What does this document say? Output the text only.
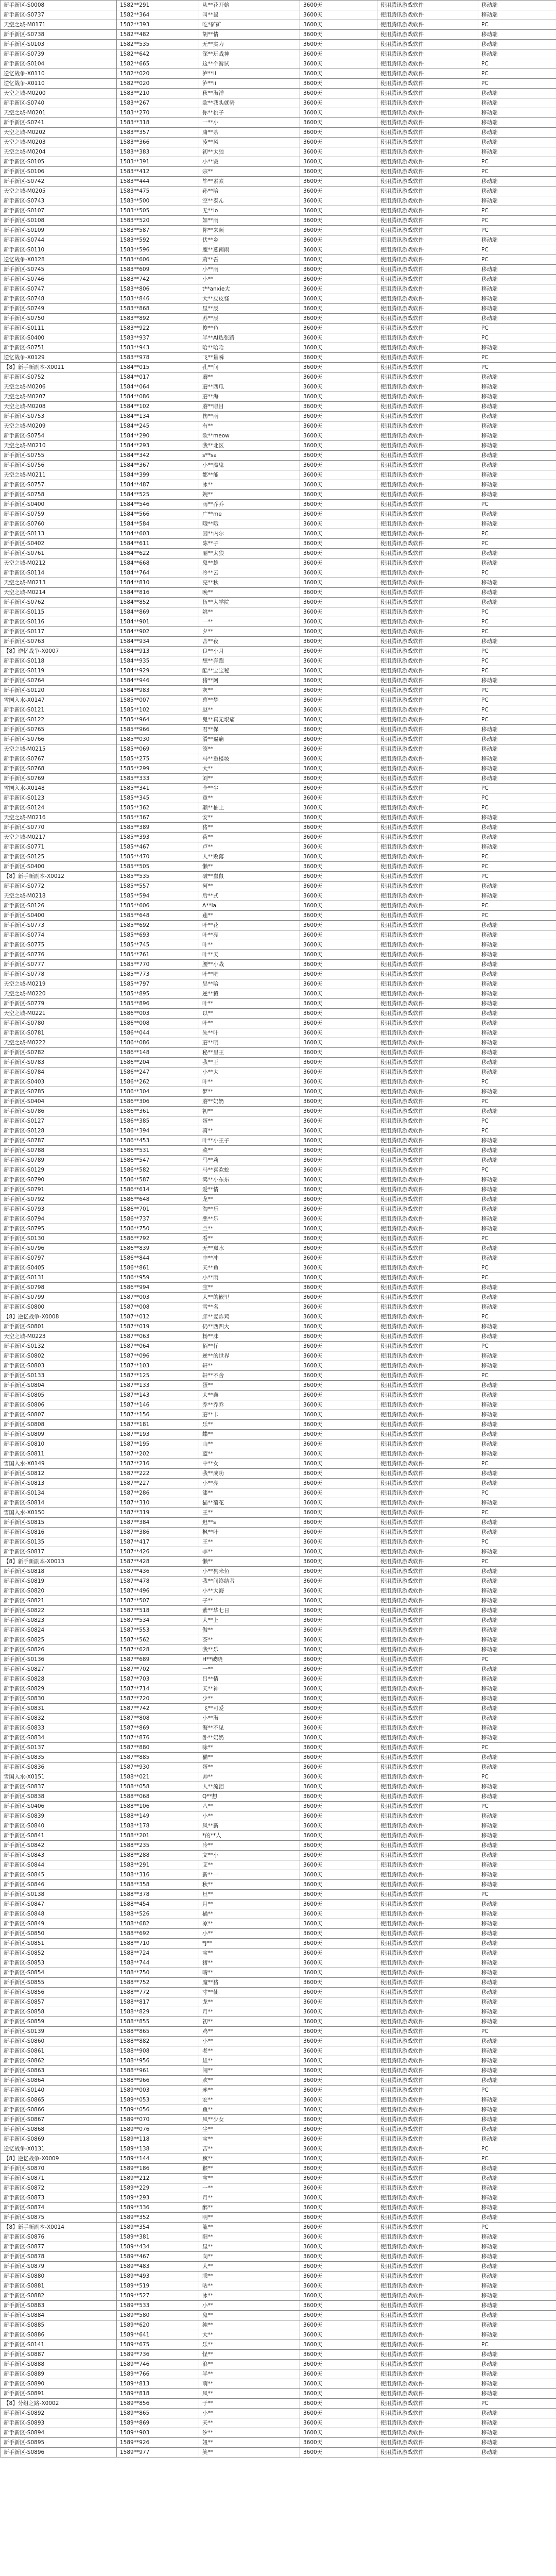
新手新区-S0008	1582**291	从**花开始	3600天	使用腾讯游戏软件	移动端
新手新区-S0737	1582**364	叫**鼠	3600天	使用腾讯游戏软件	移动端
天空之城-M0171	1582**393	吃*矿矿	3600天	使用腾讯游戏软件	PC
新手新区-S0738	1582**482	胡**情	3600天	使用腾讯游戏软件	移动端
新手新区-S0103	1582**535	无**实力	3600天	使用腾讯游戏软件	移动端
新手新区-S0739	1582**642	深**玩战神	3600天	使用腾讯游戏软件	移动端
新手新区-S0104	1582**665	这**个游试	3600天	使用腾讯游戏软件	PC
逆忆战争-X0110	1582**020	泸**ii	3600天	使用腾讯游戏软件	PC
逆忆战争-X0110	1582**020	泸**ii	3600天	使用腾讯游戏软件	PC
天空之城-M0200	1583**210	秋**海洋	3600天	使用腾讯游戏软件	移动端
新手新区-S0740	1583**267	欧**我头就骑	3600天	使用腾讯游戏软件	移动端
天空之城-M0201	1583**270	你**桃子	3600天	使用腾讯游戏软件	移动端
新手新区-S0741	1583**318	一**小	3600天	使用腾讯游戏软件	移动端
天空之城-M0202	1583**357	庸**茶	3600天	使用腾讯游戏软件	移动端
天空之城-M0203	1583**366	凌**风	3600天	使用腾讯游戏软件	移动端
天空之城-M0204	1583**383	初**太狼	3600天	使用腾讯游戏软件	移动端
新手新区-S0105	1583**391	小**饭	3600天	使用腾讯游戏软件	PC
新手新区-S0106	1583**412	宗**	3600天	使用腾讯游戏软件	PC
新手新区-S0742	1583**444	毕**素素	3600天	使用腾讯游戏软件	移动端
天空之城-M0205	1583**475	孙**哈	3600天	使用腾讯游戏软件	移动端
新手新区-S0743	1583**500	空**泰ん	3600天	使用腾讯游戏软件	移动端
新手新区-S0107	1583**505	无**lo	3600天	使用腾讯游戏软件	PC
新手新区-S0108	1583**520	如**雨	3600天	使用腾讯游戏软件	PC
新手新区-S0109	1583**587	你**来顾	3600天	使用腾讯游戏软件	PC
新手新区-S0744	1583**592	伏**乡	3600天	使用腾讯游戏软件	移动端
新手新区-S0110	1583**596	鹿**燕南雨	3600天	使用腾讯游戏软件	PC
逆忆战争-X0128	1583**606	蔚**吾	3600天	使用腾讯游戏软件	PC
新手新区-S0745	1583**609	小**雨	3600天	使用腾讯游戏软件	移动端
新手新区-S0746	1583**742	小**	3600天	使用腾讯游戏软件	移动端
新手新区-S0747	1583**806	t**anxie大	3600天	使用腾讯游戏软件	移动端
新手新区-S0748	1583**846	大**皮皮怪	3600天	使用腾讯游戏软件	移动端
新手新区-S0749	1583**868	星**辰	3600天	使用腾讯游戏软件	移动端
新手新区-S0750	1583**892	苏**辰	3600天	使用腾讯游戏软件	移动端
新手新区-S0111	1583**922	俊**鱼	3600天	使用腾讯游戏软件	PC
新手新区-S0400	1583**937	半**AI选张路	3600天	使用腾讯游戏软件	PC
新手新区-S0751	1583**943	哈**哈哈	3600天	使用腾讯游戏软件	移动端
逆忆战争-X0129	1583**978	飞**量瞬	3600天	使用腾讯游戏软件	PC
【8】新手新副本-X0011	1584**015	孔**问	3600天	使用腾讯游戏软件	PC
新手新区-S0752	1584**017	蘑**	3600天	使用腾讯游戏软件	移动端
天空之城-M0206	1584**064	蘑**西瓜	3600天	使用腾讯游戏软件	移动端
天空之城-M0207	1584**086	蘑**海	3600天	使用腾讯游戏软件	移动端
天空之城-M0208	1584**102	蘑**眼目	3600天	使用腾讯游戏软件	移动端
新手新区-S0753	1584**134	伤**雨	3600天	使用腾讯游戏软件	移动端
天空之城-M0209	1584**245	有**	3600天	使用腾讯游戏软件	移动端
新手新区-S0754	1584**290	欧**meow	3600天	使用腾讯游戏软件	移动端
天空之城-M0210	1584**293	我**北区	3600天	使用腾讯游戏软件	移动端
新手新区-S0755	1584**342	s**sa	3600天	使用腾讯游戏软件	移动端
新手新区-S0756	1584**367	小**魔鬼	3600天	使用腾讯游戏软件	移动端
天空之城-M0211	1584**399	都**能	3600天	使用腾讯游戏软件	移动端
新手新区-S0757	1584**487	冰**	3600天	使用腾讯游戏软件	移动端
新手新区-S0758	1584**525	婉**	3600天	使用腾讯游戏软件	移动端
新手新区-S0400	1584**546	雨**乔乔	3600天	使用腾讯游戏软件	PC
新手新区-S0759	1584**566	广**me	3600天	使用腾讯游戏软件	移动端
新手新区-S0760	1584**584	哦**哦	3600天	使用腾讯游戏软件	移动端
新手新区-S0113	1584**603	因**内尔	3600天	使用腾讯游戏软件	PC
新手新区-S0402	1584**611	陈**子	3600天	使用腾讯游戏软件	PC
新手新区-S0761	1584**622	丽**太狼	3600天	使用腾讯游戏软件	移动端
天空之城-M0212	1584**668	鬼**雄	3600天	使用腾讯游戏软件	移动端
新手新区-S0114	1584**764	冷**云	3600天	使用腾讯游戏软件	PC
天空之城-M0213	1584**810	亮**秋	3600天	使用腾讯游戏软件	移动端
天空之城-M0214	1584**816	晚**	3600天	使用腾讯游戏软件	移动端
新手新区-S0762	1584**852	伍**大学院	3600天	使用腾讯游戏软件	移动端
新手新区-S0115	1584**869	姚**	3600天	使用腾讯游戏软件	PC
新手新区-S0116	1584**901	一**	3600天	使用腾讯游戏软件	PC
新手新区-S0117	1584**902	夕**	3600天	使用腾讯游戏软件	PC
新手新区-S0763	1584**934	菩**夜	3600天	使用腾讯游戏软件	移动端
【8】逆忆战争-X0007	1584**913	良**小月	3600天	使用腾讯游戏软件	PC
新手新区-S0118	1584**935	想**奔跑	3600天	使用腾讯游戏软件	PC
新手新区-S0119	1584**929	酷**宝宝秘	3600天	使用腾讯游戏软件	PC
新手新区-S0764	1584**946	猪**阿	3600天	使用腾讯游戏软件	移动端
新手新区-S0120	1584**983	灰**	3600天	使用腾讯游戏软件	PC
雪国入水-X0147	1585**007	幕**梦	3600天	使用腾讯游戏软件	PC
新手新区-S0121	1585**102	赵**	3600天	使用腾讯游戏软件	PC
新手新区-S0122	1585**964	鬼**真无垠痛	3600天	使用腾讯游戏软件	PC
新手新区-S0765	1585**966	君**保	3600天	使用腾讯游戏软件	移动端
新手新区-S0766	1585**030	滑**逼痛	3600天	使用腾讯游戏软件	移动端
天空之城-M0215	1585**069	滚**	3600天	使用腾讯游戏软件	移动端
新手新区-S0767	1585**275	马**重楼坡	3600天	使用腾讯游戏软件	移动端
新手新区-S0768	1585**299	大**	3600天	使用腾讯游戏软件	移动端
新手新区-S0769	1585**333	刘**	3600天	使用腾讯游戏软件	移动端
雪国入水-X0148	1585**341	全**尘	3600天	使用腾讯游戏软件	PC
新手新区-S0123	1585**345	重**	3600天	使用腾讯游戏软件	PC
新手新区-S0124	1585**362	颠**柚上	3600天	使用腾讯游戏软件	PC
天空之城-M0216	1585**367	安**	3600天	使用腾讯游戏软件	移动端
新手新区-S0770	1585**389	猪**	3600天	使用腾讯游戏软件	移动端
天空之城-M0217	1585**393	荷**	3600天	使用腾讯游戏软件	移动端
新手新区-S0771	1585**467	卢**	3600天	使用腾讯游戏软件	移动端
新手新区-S0125	1585**470	人**败落	3600天	使用腾讯游戏软件	PC
新手新区-S0400	1585**505	懒**	3600天	使用腾讯游戏软件	PC
【8】新手新副本-X0012	1585**535	破**鼠鼠	3600天	使用腾讯游戏软件	PC
新手新区-S0772	1585**557	阿**	3600天	使用腾讯游戏软件	移动端
天空之城-M0218	1585**594	后**式	3600天	使用腾讯游戏软件	移动端
新手新区-S0126	1585**606	A**la	3600天	使用腾讯游戏软件	PC
新手新区-S0400	1585**648	莲**	3600天	使用腾讯游戏软件	PC
新手新区-S0773	1585**692	叶**花	3600天	使用腾讯游戏软件	移动端
新手新区-S0774	1585**693	叶**亮	3600天	使用腾讯游戏软件	移动端
新手新区-S0775	1585**745	叶**	3600天	使用腾讯游戏软件	移动端
新手新区-S0776	1585**761	叶**天	3600天	使用腾讯游戏软件	移动端
新手新区-S0777	1585**770	腰**小战	3600天	使用腾讯游戏软件	移动端
新手新区-S0778	1585**773	叶**吧	3600天	使用腾讯游戏软件	移动端
天空之城-M0219	1585**797	吴**哈	3600天	使用腾讯游戏软件	移动端
天空之城-M0220	1585**895	逆**猿	3600天	使用腾讯游戏软件	移动端
新手新区-S0779	1585**896	叶**	3600天	使用腾讯游戏软件	移动端
天空之城-M0221	1586**003	以**	3600天	使用腾讯游戏软件	移动端
新手新区-S0780	1586**008	叶**	3600天	使用腾讯游戏软件	移动端
新手新区-S0781	1586**044	朱**叶	3600天	使用腾讯游戏软件	移动端
天空之城-M0222	1586**086	蘑**明	3600天	使用腾讯游戏软件	移动端
新手新区-S0782	1586**148	秘**里王	3600天	使用腾讯游戏软件	移动端
新手新区-S0783	1586**204	我**王	3600天	使用腾讯游戏软件	移动端
新手新区-S0784	1586**247	小**大	3600天	使用腾讯游戏软件	移动端
新手新区-S0403	1586**262	叶**	3600天	使用腾讯游戏软件	PC
新手新区-S0785	1586**304	梦**	3600天	使用腾讯游戏软件	移动端
新手新区-S0404	1586**306	蘑**奶奶	3600天	使用腾讯游戏软件	PC
新手新区-S0786	1586**361	初**	3600天	使用腾讯游戏软件	移动端
新手新区-S0127	1586**385	蛋**	3600天	使用腾讯游戏软件	PC
新手新区-S0128	1586**394	骑**	3600天	使用腾讯游戏软件	PC
新手新区-S0787	1586**453	叶**小王子	3600天	使用腾讯游戏软件	移动端
新手新区-S0788	1586**531	菜**	3600天	使用腾讯游戏软件	移动端
新手新区-S0789	1586**547	马**莉	3600天	使用腾讯游戏软件	移动端
新手新区-S0129	1586**582	马**喜欢蛇	3600天	使用腾讯游戏软件	PC
新手新区-S0790	1586**587	鸿**小东东	3600天	使用腾讯游戏软件	移动端
新手新区-S0791	1586**614	爱**情	3600天	使用腾讯游戏软件	移动端
新手新区-S0792	1586**648	龙**	3600天	使用腾讯游戏软件	移动端
新手新区-S0793	1586**701	淘**乐	3600天	使用腾讯游戏软件	移动端
新手新区-S0794	1586**737	恶**乐	3600天	使用腾讯游戏软件	移动端
新手新区-S0795	1586**750	兰**	3600天	使用腾讯游戏软件	移动端
新手新区-S0130	1586**792	看**	3600天	使用腾讯游戏软件	PC
新手新区-S0796	1586**839	无**岚水	3600天	使用腾讯游戏软件	移动端
新手新区-S0797	1586**844	中**冲	3600天	使用腾讯游戏软件	移动端
新手新区-S0405	1586**861	天**鱼	3600天	使用腾讯游戏软件	PC
新手新区-S0131	1586**959	小**雨	3600天	使用腾讯游戏软件	PC
新手新区-S0798	1586**994	宝**	3600天	使用腾讯游戏软件	移动端
新手新区-S0799	1587**003	大**的嵌里	3600天	使用腾讯游戏软件	移动端
新手新区-S0800	1587**008	雪**名	3600天	使用腾讯游戏软件	移动端
【8】逆忆战争-X0008	1587**012	胖**麦炸鸡	3600天	使用腾讯游戏软件	PC
新手新区-S0801	1587**019	仍**西四大	3600天	使用腾讯游戏软件	移动端
天空之城-M0223	1587**063	杨**沫	3600天	使用腾讯游戏软件	移动端
新手新区-S0132	1587**064	佰**仔	3600天	使用腾讯游戏软件	PC
新手新区-S0802	1587**096	逆**的世界	3600天	使用腾讯游戏软件	移动端
新手新区-S0803	1587**103	轩**	3600天	使用腾讯游戏软件	移动端
新手新区-S0133	1587**125	轩**不舍	3600天	使用腾讯游戏软件	PC
新手新区-S0804	1587**133	蛋**	3600天	使用腾讯游戏软件	移动端
新手新区-S0805	1587**143	大**鑫	3600天	使用腾讯游戏软件	移动端
新手新区-S0806	1587**146	乔**乔乔	3600天	使用腾讯游戏软件	移动端
新手新区-S0807	1587**156	蘑**卡	3600天	使用腾讯游戏软件	移动端
新手新区-S0808	1587**181	乐**	3600天	使用腾讯游戏软件	移动端
新手新区-S0809	1587**193	蝶**	3600天	使用腾讯游戏软件	移动端
新手新区-S0810	1587**195	山**	3600天	使用腾讯游戏软件	移动端
新手新区-S0811	1587**202	蓝**	3600天	使用腾讯游戏软件	移动端
雪国入水-X0149	1587**216	中**女	3600天	使用腾讯游戏软件	PC
新手新区-S0812	1587**222	我**成功	3600天	使用腾讯游戏软件	移动端
新手新区-S0813	1587**227	小**亮	3600天	使用腾讯游戏软件	移动端
新手新区-S0134	1587**286	漆**	3600天	使用腾讯游戏软件	PC
新手新区-S0814	1587**310	猫**菊花	3600天	使用腾讯游戏软件	移动端
雪国入水-X0150	1587**319	王**	3600天	使用腾讯游戏软件	PC
新手新区-S0815	1587**384	迟**s	3600天	使用腾讯游戏软件	移动端
新手新区-S0816	1587**386	枫**叶	3600天	使用腾讯游戏软件	移动端
新手新区-S0135	1587**417	王**	3600天	使用腾讯游戏软件	PC
新手新区-S0817	1587**426	李**	3600天	使用腾讯游戏软件	移动端
【8】新手新副本-X0013	1587**428	懒**	3600天	使用腾讯游戏软件	PC
新手新区-S0818	1587**436	小**狗米鱼	3600天	使用腾讯游戏软件	移动端
新手新区-S0819	1587**478	我**间终结者	3600天	使用腾讯游戏软件	移动端
新手新区-S0820	1587**496	小**大海	3600天	使用腾讯游戏软件	移动端
新手新区-S0821	1587**507	子**	3600天	使用腾讯游戏软件	移动端
新手新区-S0822	1587**518	紫**华七日	3600天	使用腾讯游戏软件	移动端
新手新区-S0823	1587**534	大**上	3600天	使用腾讯游戏软件	移动端
新手新区-S0824	1587**553	傲**	3600天	使用腾讯游戏软件	移动端
新手新区-S0825	1587**562	茶**	3600天	使用腾讯游戏软件	移动端
新手新区-S0826	1587**628	我**乐	3600天	使用腾讯游戏软件	移动端
新手新区-S0136	1587**689	H**破晓	3600天	使用腾讯游戏软件	PC
新手新区-S0827	1587**702	一**	3600天	使用腾讯游戏软件	移动端
新手新区-S0828	1587**703	吕**情	3600天	使用腾讯游戏软件	移动端
新手新区-S0829	1587**714	天**神	3600天	使用腾讯游戏软件	移动端
新手新区-S0830	1587**720	少**	3600天	使用腾讯游戏软件	移动端
新手新区-S0831	1587**742	飞**可爱	3600天	使用腾讯游戏软件	移动端
新手新区-S0832	1587**808	小**海	3600天	使用腾讯游戏软件	移动端
新手新区-S0833	1587**869	海**不见	3600天	使用腾讯游戏软件	移动端
新手新区-S0834	1587**876	卧**奶奶	3600天	使用腾讯游戏软件	移动端
新手新区-S0137	1587**880	咏**	3600天	使用腾讯游戏软件	PC
新手新区-S0835	1587**885	猫**	3600天	使用腾讯游戏软件	移动端
新手新区-S0836	1587**930	蛋**	3600天	使用腾讯游戏软件	移动端
雪国入水-X0151	1588**021	帅**	3600天	使用腾讯游戏软件	PC
新手新区-S0837	1588**058	人**流泪	3600天	使用腾讯游戏软件	移动端
新手新区-S0838	1588**068	Q**想	3600天	使用腾讯游戏软件	移动端
新手新区-S0406	1588**106	八**	3600天	使用腾讯游戏软件	PC
新手新区-S0839	1588**149	小**	3600天	使用腾讯游戏软件	移动端
新手新区-S0840	1588**178	风**新	3600天	使用腾讯游戏软件	移动端
新手新区-S0841	1588**201	*的**人	3600天	使用腾讯游戏软件	移动端
新手新区-S0842	1588**235	冷**	3600天	使用腾讯游戏软件	移动端
新手新区-S0843	1588**288	文**小	3600天	使用腾讯游戏软件	移动端
新手新区-S0844	1588**291	艾**	3600天	使用腾讯游戏软件	移动端
新手新区-S0845	1588**316	新**一	3600天	使用腾讯游戏软件	移动端
新手新区-S0846	1588**358	秋**	3600天	使用腾讯游戏软件	移动端
新手新区-S0138	1588**378	旦**	3600天	使用腾讯游戏软件	PC
新手新区-S0847	1588**454	月**	3600天	使用腾讯游戏软件	移动端
新手新区-S0848	1588**526	橘**	3600天	使用腾讯游戏软件	移动端
新手新区-S0849	1588**682	凉**	3600天	使用腾讯游戏软件	移动端
新手新区-S0850	1588**692	小**	3600天	使用腾讯游戏软件	移动端
新手新区-S0851	1588**710	*J**	3600天	使用腾讯游戏软件	移动端
新手新区-S0852	1588**724	宝**	3600天	使用腾讯游戏软件	移动端
新手新区-S0853	1588**744	猪**	3600天	使用腾讯游戏软件	移动端
新手新区-S0854	1588**750	晴**	3600天	使用腾讯游戏软件	移动端
新手新区-S0855	1588**752	魔**猪	3600天	使用腾讯游戏软件	移动端
新手新区-S0856	1588**772	寸**仙	3600天	使用腾讯游戏软件	移动端
新手新区-S0857	1588**817	龙**	3600天	使用腾讯游戏软件	移动端
新手新区-S0858	1588**829	月**	3600天	使用腾讯游戏软件	移动端
新手新区-S0859	1588**855	初**	3600天	使用腾讯游戏软件	移动端
新手新区-S0139	1588**865	鸡**	3600天	使用腾讯游戏软件	PC
新手新区-S0860	1588**882	小**	3600天	使用腾讯游戏软件	移动端
新手新区-S0861	1588**908	老**	3600天	使用腾讯游戏软件	移动端
新手新区-S0862	1588**956	雄**	3600天	使用腾讯游戏软件	移动端
新手新区-S0863	1588**961	闹**	3600天	使用腾讯游戏软件	移动端
新手新区-S0864	1588**966	欢**	3600天	使用腾讯游戏软件	移动端
新手新区-S0140	1589**003	赤**	3600天	使用腾讯游戏软件	PC
新手新区-S0865	1589**053	宏**	3600天	使用腾讯游戏软件	移动端
新手新区-S0866	1589**056	鱼**	3600天	使用腾讯游戏软件	移动端
新手新区-S0867	1589**070	风**少女	3600天	使用腾讯游戏软件	移动端
新手新区-S0868	1589**076	尘**	3600天	使用腾讯游戏软件	移动端
新手新区-S0869	1589**118	宝**	3600天	使用腾讯游戏软件	移动端
逆忆战争-X0131	1589**138	苦**	3600天	使用腾讯游戏软件	PC
【8】逆忆战争-X0009	1589**144	疯**	3600天	使用腾讯游戏软件	PC
新手新区-S0870	1589**186	猴**	3600天	使用腾讯游戏软件	移动端
新手新区-S0871	1589**212	宝**	3600天	使用腾讯游戏软件	移动端
新手新区-S0872	1589**229	一**	3600天	使用腾讯游戏软件	移动端
新手新区-S0873	1589**293	月**	3600天	使用腾讯游戏软件	移动端
新手新区-S0874	1589**336	醉**	3600天	使用腾讯游戏软件	移动端
新手新区-S0875	1589**352	明**	3600天	使用腾讯游戏软件	移动端
【8】新手新副本-X0014	1589**354	龍**	3600天	使用腾讯游戏软件	PC
新手新区-S0876	1589**381	阳**	3600天	使用腾讯游戏软件	移动端
新手新区-S0877	1589**434	星**	3600天	使用腾讯游戏软件	移动端
新手新区-S0878	1589**467	向**	3600天	使用腾讯游戏软件	移动端
新手新区-S0879	1589**483	大**	3600天	使用腾讯游戏软件	移动端
新手新区-S0880	1589**493	乖**	3600天	使用腾讯游戏软件	移动端
新手新区-S0881	1589**519	咕**	3600天	使用腾讯游戏软件	移动端
新手新区-S0882	1589**527	冰**	3600天	使用腾讯游戏软件	移动端
新手新区-S0883	1589**533	小**	3600天	使用腾讯游戏软件	移动端
新手新区-S0884	1589**580	鬼**	3600天	使用腾讯游戏软件	移动端
新手新区-S0885	1589**620	纯**	3600天	使用腾讯游戏软件	移动端
新手新区-S0886	1589**641	大**	3600天	使用腾讯游戏软件	移动端
新手新区-S0141	1589**675	乐**	3600天	使用腾讯游戏软件	PC
新手新区-S0887	1589**736	怪**	3600天	使用腾讯游戏软件	移动端
新手新区-S0888	1589**746	浪**	3600天	使用腾讯游戏软件	移动端
新手新区-S0889	1589**766	半**	3600天	使用腾讯游戏软件	移动端
新手新区-S0890	1589**813	萌**	3600天	使用腾讯游戏软件	移动端
新手新区-S0891	1589**818	风**	3600天	使用腾讯游戏软件	移动端
【8】分组之路-X0002	1589**856	于**	3600天	使用腾讯游戏软件	PC
新手新区-S0892	1589**865	小**	3600天	使用腾讯游戏软件	移动端
新手新区-S0893	1589**869	天**	3600天	使用腾讯游戏软件	移动端
新手新区-S0894	1589**903	汐**	3600天	使用腾讯游戏软件	移动端
新手新区-S0895	1589**926	妞**	3600天	使用腾讯游戏软件	移动端
新手新区-S0896	1589**977	笑**	3600天	使用腾讯游戏软件	移动端
